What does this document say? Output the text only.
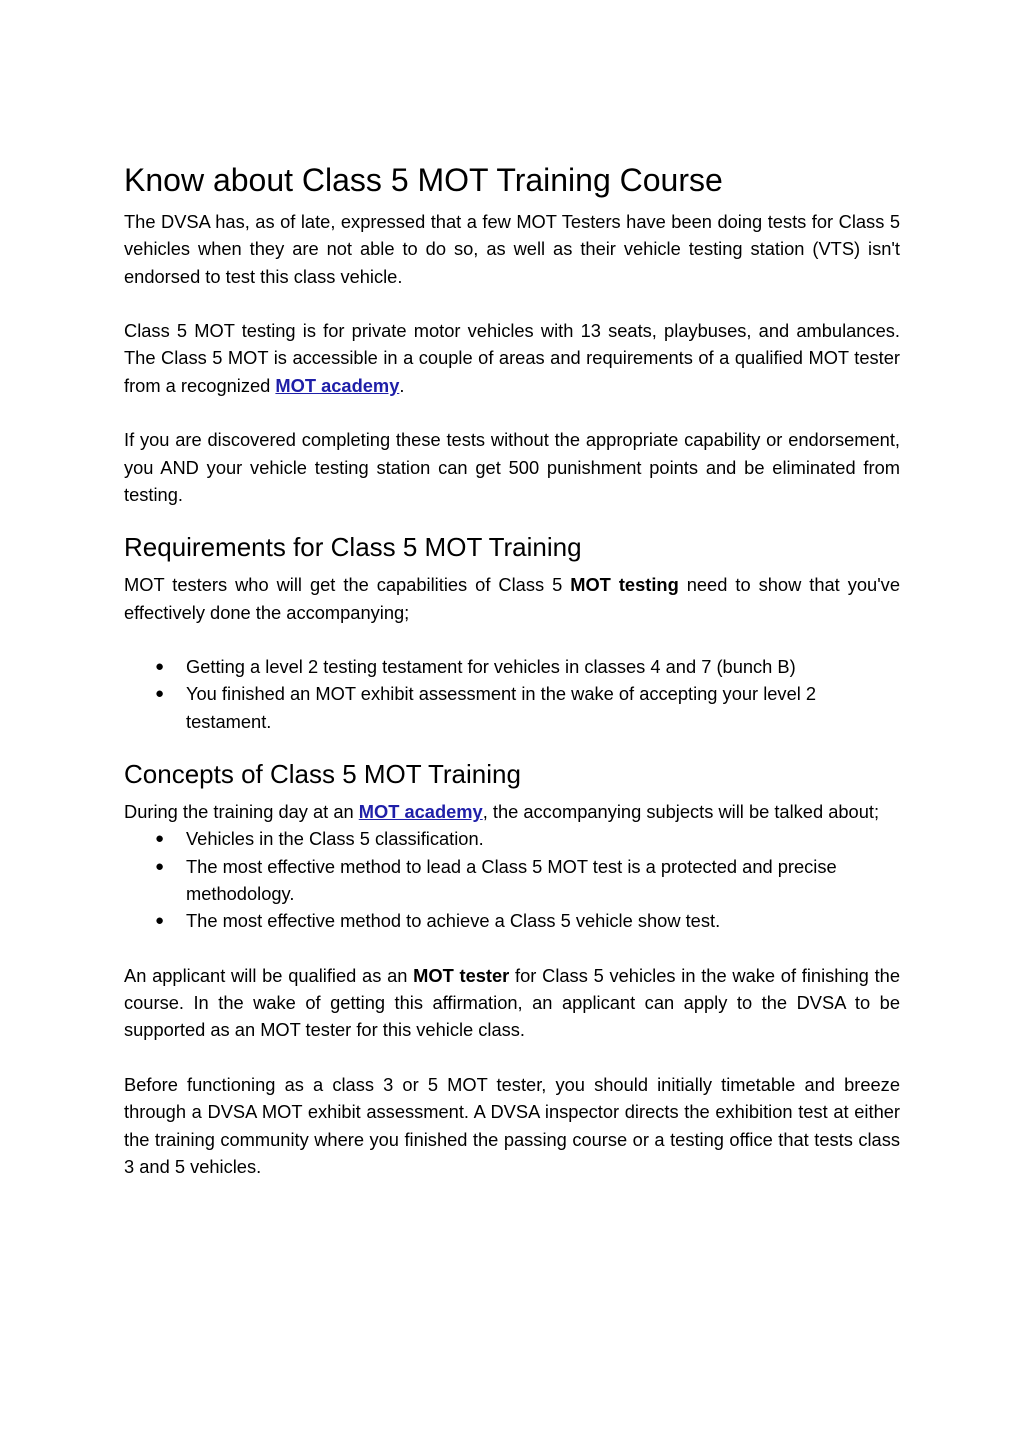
Know about Class 5 MOT Training Course

The DVSA has, as of late, expressed that a few MOT Testers have been doing tests for Class 5 vehicles when they are not able to do so, as well as their vehicle testing station (VTS) isn't endorsed to test this class vehicle.

Class 5 MOT testing is for private motor vehicles with 13 seats, playbuses, and ambulances. The Class 5 MOT is accessible in a couple of areas and requirements of a qualified MOT tester from a recognized MOT academy.

If you are discovered completing these tests without the appropriate capability or endorsement, you AND your vehicle testing station can get 500 punishment points and be eliminated from testing.

Requirements for Class 5 MOT Training

MOT testers who will get the capabilities of Class 5 MOT testing need to show that you've effectively done the accompanying;

● Getting a level 2 testing testament for vehicles in classes 4 and 7 (bunch B)
● You finished an MOT exhibit assessment in the wake of accepting your level 2 testament.
Concepts of Class 5 MOT Training

During the training day at an MOT academy, the accompanying subjects will be talked about;

● Vehicles in the Class 5 classification.
● The most effective method to lead a Class 5 MOT test is a protected and precise methodology.
● The most effective method to achieve a Class 5 vehicle show test.

An applicant will be qualified as an MOT tester for Class 5 vehicles in the wake of finishing the course. In the wake of getting this affirmation, an applicant can apply to the DVSA to be supported as an MOT tester for this vehicle class.

Before functioning as a class 3 or 5 MOT tester, you should initially timetable and breeze through a DVSA MOT exhibit assessment. A DVSA inspector directs the exhibition test at either the training community where you finished the passing course or a testing office that tests class 3 and 5 vehicles.
